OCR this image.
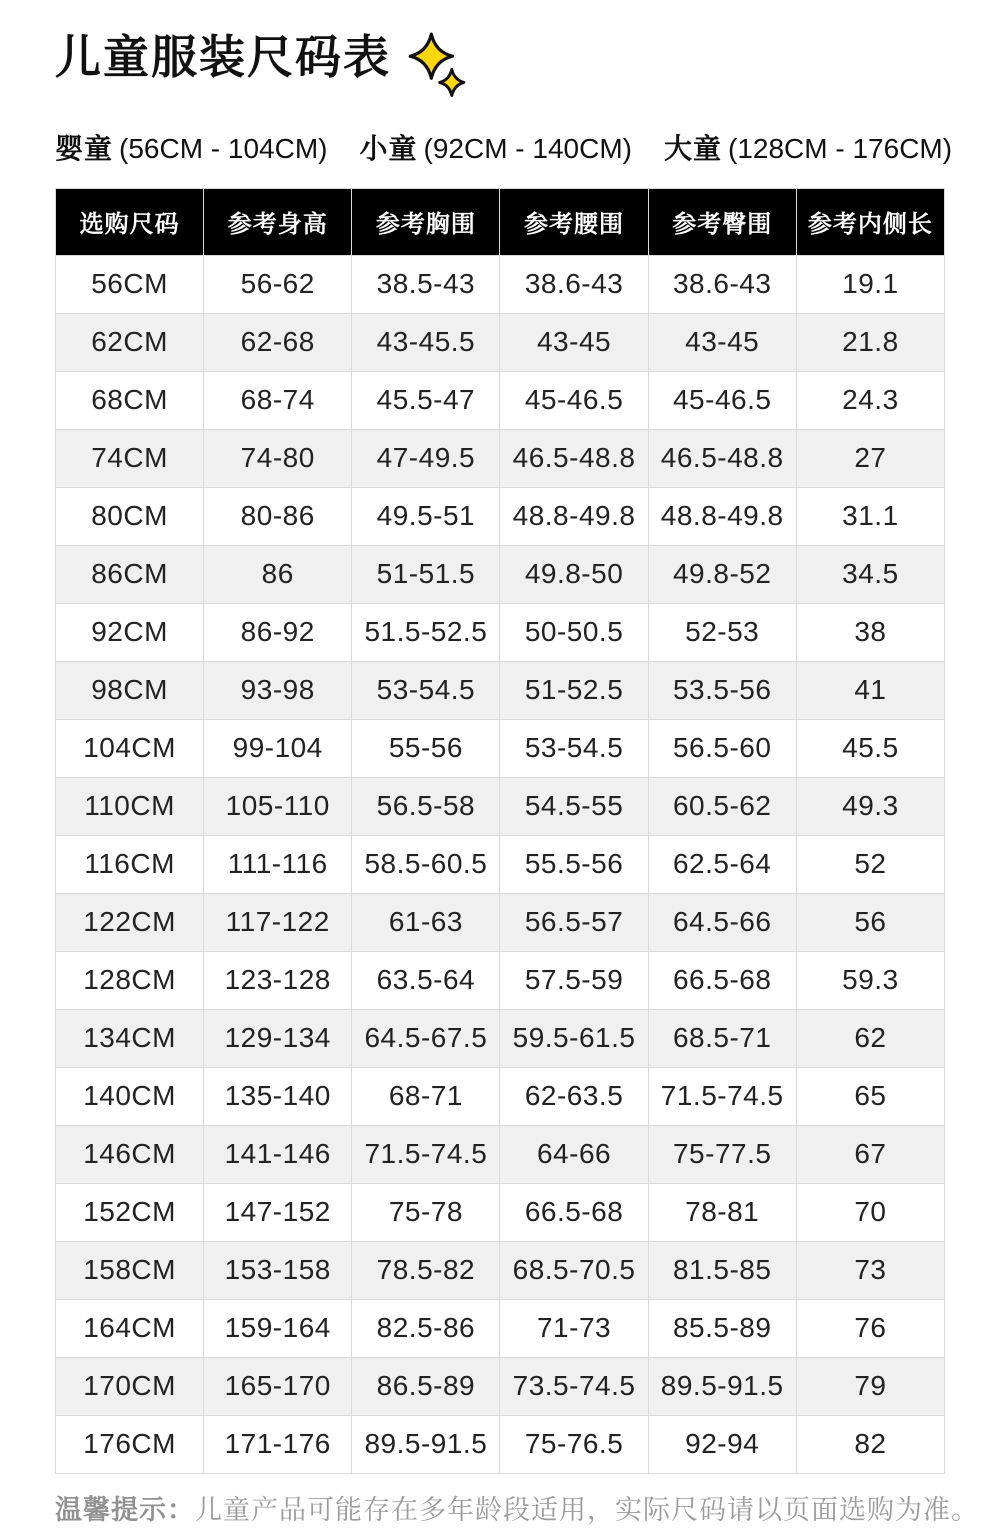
儿童服装尺码表
婴童 (56CM - 104CM) 小童 (92CM - 140CM) 大童 (128CM - 176CM)
选购尺码	参考身高	参考胸围	参考腰围	参考臀围	参考内侧长
56CM	56-62	38.5-43	38.6-43	38.6-43	19.1
62CM	62-68	43-45.5	43-45	43-45	21.8
68CM	68-74	45.5-47	45-46.5	45-46.5	24.3
74CM	74-80	47-49.5	46.5-48.8	46.5-48.8	27
80CM	80-86	49.5-51	48.8-49.8	48.8-49.8	31.1
86CM	86	51-51.5	49.8-50	49.8-52	34.5
92CM	86-92	51.5-52.5	50-50.5	52-53	38
98CM	93-98	53-54.5	51-52.5	53.5-56	41
104CM	99-104	55-56	53-54.5	56.5-60	45.5
110CM	105-110	56.5-58	54.5-55	60.5-62	49.3
116CM	111-116	58.5-60.5	55.5-56	62.5-64	52
122CM	117-122	61-63	56.5-57	64.5-66	56
128CM	123-128	63.5-64	57.5-59	66.5-68	59.3
134CM	129-134	64.5-67.5	59.5-61.5	68.5-71	62
140CM	135-140	68-71	62-63.5	71.5-74.5	65
146CM	141-146	71.5-74.5	64-66	75-77.5	67
152CM	147-152	75-78	66.5-68	78-81	70
158CM	153-158	78.5-82	68.5-70.5	81.5-85	73
164CM	159-164	82.5-86	71-73	85.5-89	76
170CM	165-170	86.5-89	73.5-74.5	89.5-91.5	79
176CM	171-176	89.5-91.5	75-76.5	92-94	82
温馨提示：儿童产品可能存在多年龄段适用，实际尺码请以页面选购为准。
